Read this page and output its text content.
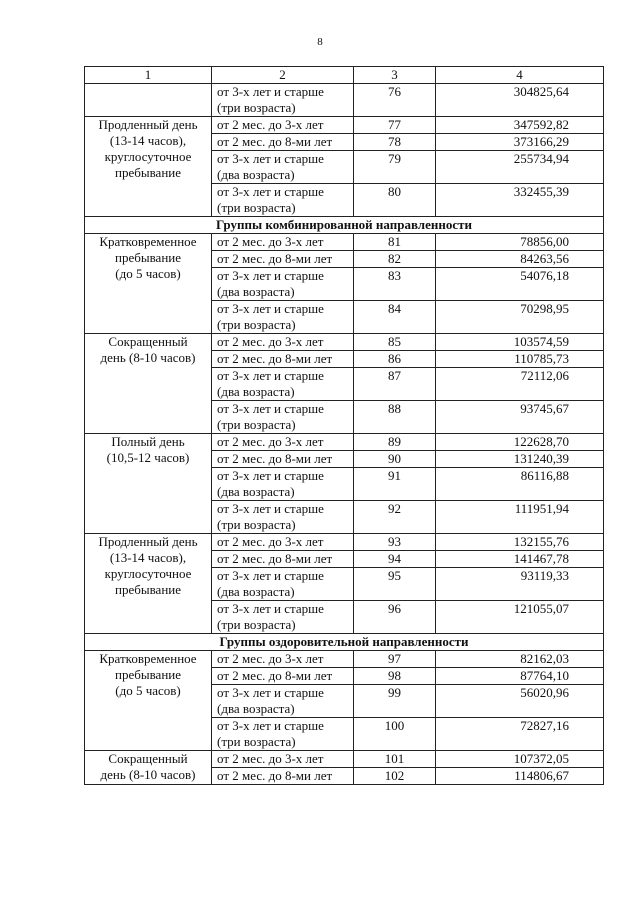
8
1	2	3	4
	от 3-х лет и старше
(три возраста)	76	304825,64
Продленный день
(13-14 часов),
круглосуточное
пребывание	от 2 мес. до 3-х лет	77	347592,82
	от 2 мес. до 8-ми лет	78	373166,29
	от 3-х лет и старше
(два возраста)	79	255734,94
	от 3-х лет и старше
(три возраста)	80	332455,39
Группы комбинированной направленности			
Кратковременное
пребывание
(до 5 часов)	от 2 мес. до 3-х лет	81	78856,00
	от 2 мес. до 8-ми лет	82	84263,56
	от 3-х лет и старше
(два возраста)	83	54076,18
	от 3-х лет и старше
(три возраста)	84	70298,95
Сокращенный
день (8-10 часов)	от 2 мес. до 3-х лет	85	103574,59
	от 2 мес. до 8-ми лет	86	110785,73
	от 3-х лет и старше
(два возраста)	87	72112,06
	от 3-х лет и старше
(три возраста)	88	93745,67
Полный день
(10,5-12 часов)	от 2 мес. до 3-х лет	89	122628,70
	от 2 мес. до 8-ми лет	90	131240,39
	от 3-х лет и старше
(два возраста)	91	86116,88
	от 3-х лет и старше
(три возраста)	92	111951,94
Продленный день
(13-14 часов),
круглосуточное
пребывание	от 2 мес. до 3-х лет	93	132155,76
	от 2 мес. до 8-ми лет	94	141467,78
	от 3-х лет и старше
(два возраста)	95	93119,33
	от 3-х лет и старше
(три возраста)	96	121055,07
Группы оздоровительной направленности			
Кратковременное
пребывание
(до 5 часов)	от 2 мес. до 3-х лет	97	82162,03
	от 2 мес. до 8-ми лет	98	87764,10
	от 3-х лет и старше
(два возраста)	99	56020,96
	от 3-х лет и старше
(три возраста)	100	72827,16
Сокращенный
день (8-10 часов)	от 2 мес. до 3-х лет	101	107372,05
	от 2 мес. до 8-ми лет	102	114806,67
